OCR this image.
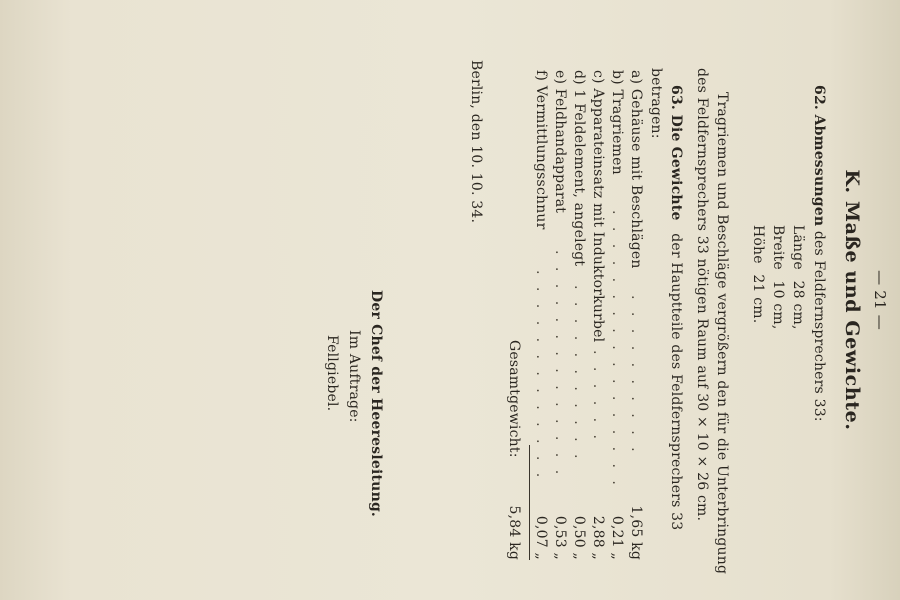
— 21 —
K. Maße und Gewichte.
62. Abmessungen des Feldfernsprechers 33:
Länge 28 cm,
Breite 10 cm,
Höhe 21 cm.
Tragriemen und Beschläge vergrößern den für die Unterbringung
des Feldfernsprechers 33 nötigen Raum auf 30 × 10 × 26 cm.
63. Die Gewichte der Hauptteile des Feldfernsprechers 33
betragen:
a) Gehäuse mit Beschlägen
. . . . . . . . . .
1,65 kg
b) Tragriemen
. . . . . . . . . . . . . . . . .
0,21 „
c) Apparateinsatz mit Induktorkurbel
. . . . . .
2,88 „
d) 1 Feldelement, angelegt
. . . . . . . . . . .
0,50 „
e) Feldhandapparat
. . . . . . . . . . . . . .
0,53 „
f) Vermittlungsschnur
. . . . . . . . . . . . .
0,07 „
Gesamtgewicht:
5,84 kg
Berlin, den 10. 10. 34.
Der Chef der Heeresleitung.
Im Auftrage:
Fellgiebel.
